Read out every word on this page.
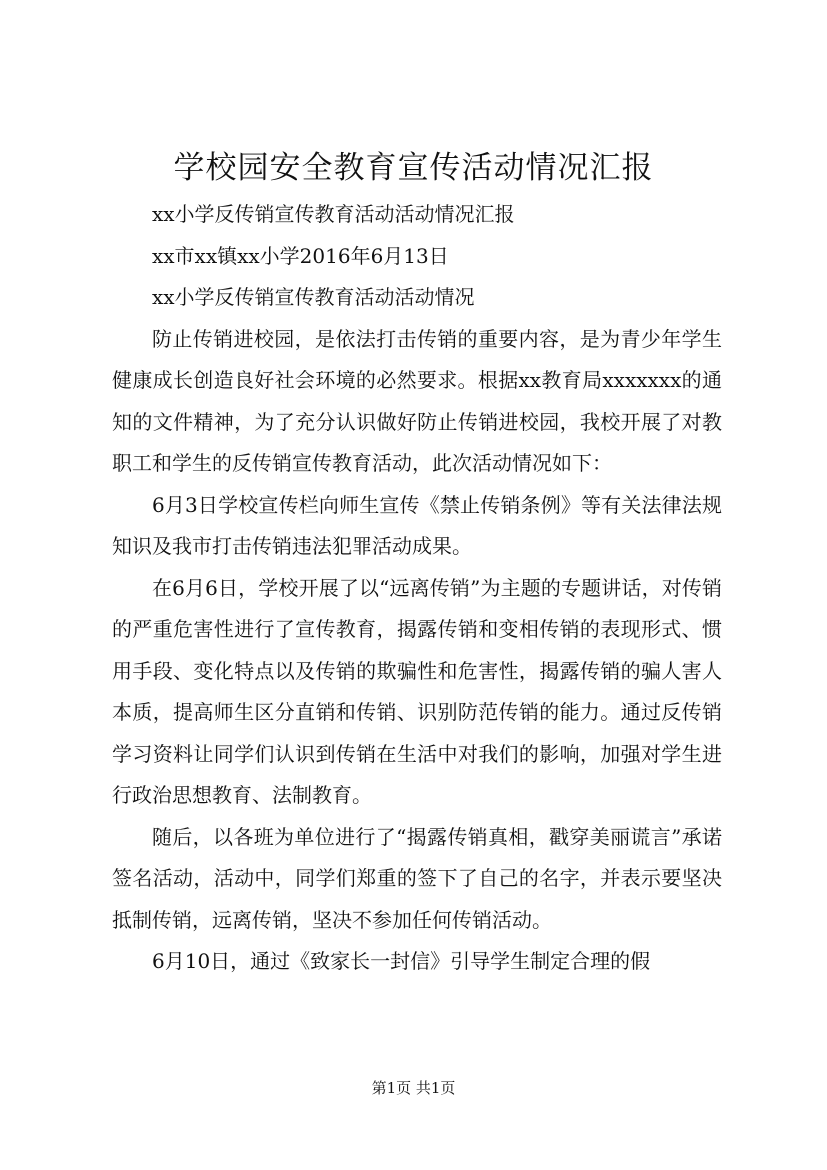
学校园安全教育宣传活动情况汇报

xx小学反传销宣传教育活动活动情况汇报

xx市xx镇xx小学2016年6月13日

xx小学反传销宣传教育活动活动情况

防止传销进校园，是依法打击传销的重要内容，是为青少年学生健康成长创造良好社会环境的必然要求。根据xx教育局xxxxxxx的通知的文件精神，为了充分认识做好防止传销进校园，我校开展了对教职工和学生的反传销宣传教育活动，此次活动情况如下：

6月3日学校宣传栏向师生宣传《禁止传销条例》等有关法律法规知识及我市打击传销违法犯罪活动成果。

在6月6日，学校开展了以“远离传销”为主题的专题讲话，对传销的严重危害性进行了宣传教育，揭露传销和变相传销的表现形式、惯用手段、变化特点以及传销的欺骗性和危害性，揭露传销的骗人害人本质，提高师生区分直销和传销、识别防范传销的能力。通过反传销学习资料让同学们认识到传销在生活中对我们的影响，加强对学生进行政治思想教育、法制教育。

随后，以各班为单位进行了“揭露传销真相，戳穿美丽谎言”承诺签名活动，活动中，同学们郑重的签下了自己的名字，并表示要坚决抵制传销，远离传销，坚决不参加任何传销活动。

6月10日，通过《致家长一封信》引导学生制定合理的假

第1页 共1页
